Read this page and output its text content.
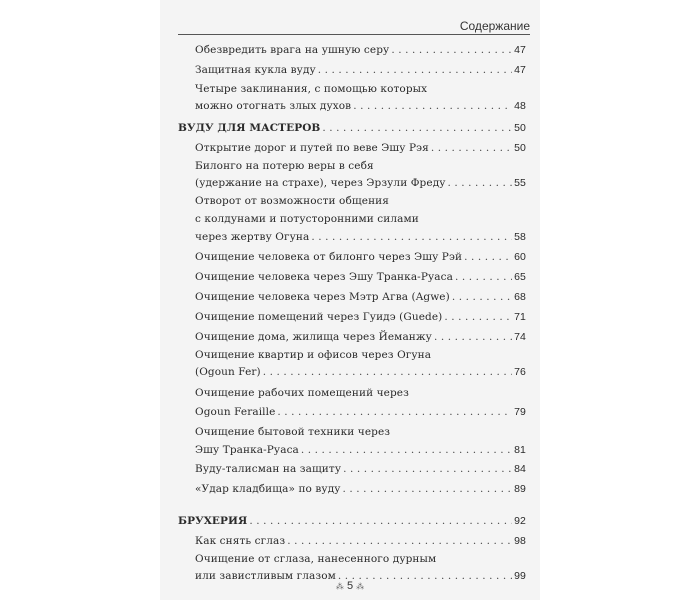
Содержание
Обезвредить врага на ушную серу . . .	47
Защитная кукла вуду . . .	47
Четыре заклинания, с помощью которых
можно отогнать злых духов . . .	48
ВУДУ ДЛЯ МАСТЕРОВ . . .	50
Открытие дорог и путей по веве Эшу Рэя . . .	50
Билонго на потерю веры в себя
(удержание на страхе), через Эрзули Фреду . . .	55
Отворот от возможности общения
с колдунами и потусторонними силами
через жертву Огуна . . .	58
Очищение человека от билонго через Эшу Рэй . . .	60
Очищение человека через Эшу Транка-Руаса . . .	65
Очищение человека через Мэтр Агва (Agwe) . . .	68
Очищение помещений через Гуидэ (Guede) . . .	71
Очищение дома, жилища через Йеманжу . . .	74
Очищение квартир и офисов через Огуна
(Ogoun Fer) . . .	76
Очищение рабочих помещений через
Ogoun Feraille . . .	79
Очищение бытовой техники через
Эшу Транка-Руаса . . .	81
Вуду-талисман на защиту . . .	84
«Удар кладбища» по вуду . . .	89
БРУХЕРИЯ . . .	92
Как снять сглаз . . .	98
Очищение от сглаза, нанесенного дурным
или завистливым глазом . . .	99
⁂ 5 ⁂
